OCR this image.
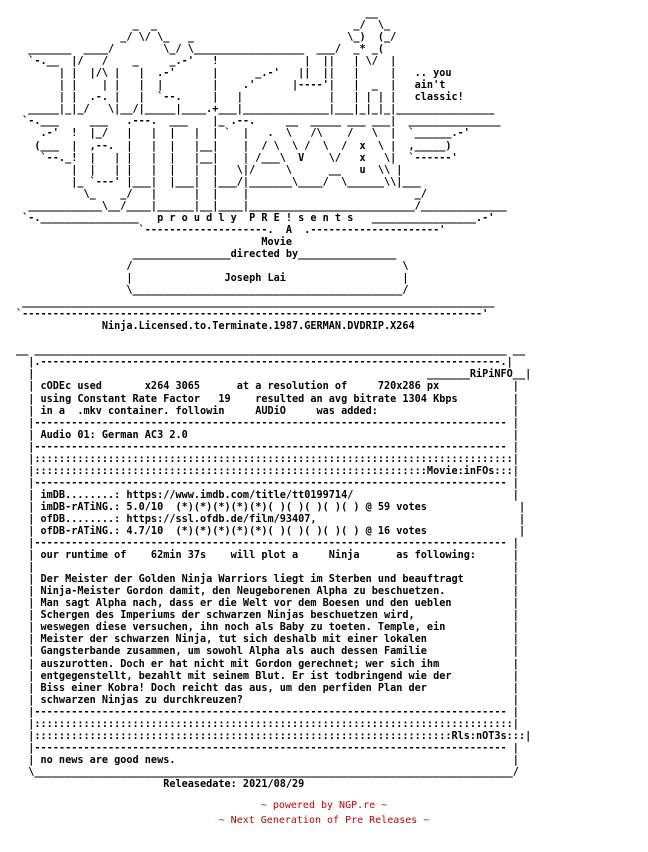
__
_  _                                _/  \_
_/ \/ \_   _                         \_)  (_/
_______  ____/        \_/ \__________________  ___/  _* _(
`-.__  |/   /    _     _.-'   !              |  ||   | \/  |
| |  |/\ |   |  .-'      |      _.-'   ||  ||   |     |   .. you
| |    | |   |  |        |    .'      |----'|   |  _  |   ain't
| |  .-. |   |  `--.     |   |              |   | | | |   classic!
_____|_|_/   \|__/|_____|____.+___|______________|___|_|_|_|________________
`-.___     ___   .---.  ___    |_ .--.     __  _____ ___ ___|  _______________
.-'  !  |_/   |   |  |   |  | `  |   .  \   /\    /   \  |  `______.-'
(___  |  ,--.  |   |  |   |__|    |  / \  \ /  \  /  x  \ |  ,_____)
`--._!  |   | |   |  |   |__|    | /___\  V    \/   x   \|  `------'
|  |   | |   |  |   |  |   \|/     \      __   u  \\ |
|_ `---' |___|  |___|  |___/|_______\____/  \______\\|___
\_    _/   |      |  |    |                           _/
____________\__/____|______|__|____|___________________________/______________
`-.________________   p r o u d l y  P R E ! s e n t s   _________________.-'
`--------------------.  A  .---------------------'
Movie
________________directed by________________
/                                            \
|               Joseph Lai                   |
\____________________________________________/
_____________________________________________________________________________
`---------------------------------------------------------------------------'
Ninja.Licensed.to.Terminate.1987.GERMAN.DVDRIP.X264

__ _____________________________________________________________________________ __
|.---------------------------------------------------------------------------.|
|                                                                _______RiPiNFO__|
| cODEc used       x264 3065      at a resolution of     720x286 px            |
| using Constant Rate Factor   19    resulted an avg bitrate 1304 Kbps         |
| in a  .mkv container. followin     AUDiO     was added:                      |
|----------------------------------------------------------------------------- |
| Audio 01: German AC3 2.0                                                     |
|----------------------------------------------------------------------------- |
|::::::::::::::::::::::::::::::::::::::::::::::::::::::::::::::::::::::::::::::|
|::::::::::::::::::::::::::::::::::::::::::::::::::::::::::::::::Movie:inFOs:::|
|----------------------------------------------------------------------------- |
| imDB........: https://www.imdb.com/title/tt0199714/                          |
| imDB-rATiNG.: 5.0/10  (*)(*)(*)(*)(*)( )( )( )( )( ) @ 59 votes               |
| ofDB........: https://ssl.ofdb.de/film/93407,                                 |
| ofDB-rATiNG.: 4.7/10  (*)(*)(*)(*)(*)( )( )( )( )( ) @ 16 votes               |
|----------------------------------------------------------------------------- |
| our runtime of    62min 37s    will plot a     Ninja      as following:      |
|                                                                              |
| Der Meister der Golden Ninja Warriors liegt im Sterben und beauftragt        |
| Ninja-Meister Gordon damit, den Neugeborenen Alpha zu beschuetzen.           |
| Man sagt Alpha nach, dass er die Welt vor dem Boesen und den ueblen          |
| Schergen des Imperiums der schwarzen Ninjas beschuetzen wird,                |
| weswegen diese versuchen, ihn noch als Baby zu toeten. Temple, ein           |
| Meister der schwarzen Ninja, tut sich deshalb mit einer lokalen              |
| Gangsterbande zusammen, um sowohl Alpha als auch dessen Familie              |
| auszurotten. Doch er hat nicht mit Gordon gerechnet; wer sich ihm            |
| entgegenstellt, bezahlt mit seinem Blut. Er ist todbringend wie der          |
| Biss einer Kobra! Doch reicht das aus, um den perfiden Plan der              |
| schwarzen Ninjas zu durchkreuzen?                                            |
|----------------------------------------------------------------------------- |
|::::::::::::::::::::::::::::::::::::::::::::::::::::::::::::::::::::::::::::::|
|::::::::::::::::::::::::::::::::::::::::::::::::::::::::::::::::::::Rls:nOT3s:::|
|----------------------------------------------------------------------------- |
| no news are good news.                                                       |
\______________________________________________________________________________/
Releasedate: 2021/08/29

~ powered by NGP.re ~
~ Next Generation of Pre Releases ~
